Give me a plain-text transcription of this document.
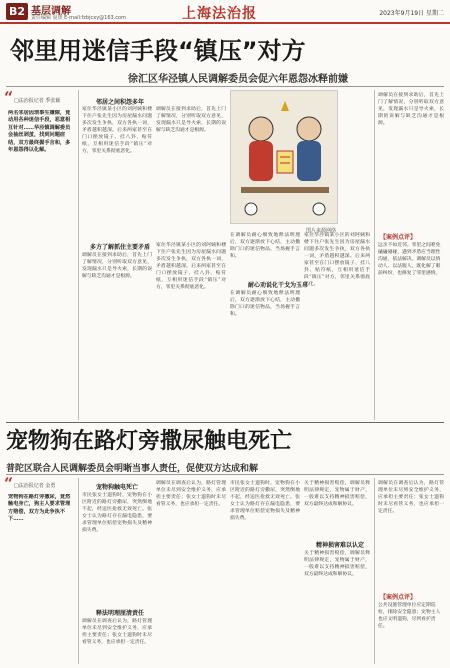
B2 基层调解
责任编辑 夏琰 E-mail:fzbjcxy@163.com	上海法治报	2023年9月19日 星期二
邻里用迷信手段“镇压”对方
徐汇区华泾镇人民调解委员会促六年恩怨冰释前嫌
“ □法治报记者 季张颖
两名邻居因琐事生嫌隙，竟动用各种迷信手段，恶意相互针对……华泾镇调解委员会抽丝剥茧，找到问题症结，双方最终握手言和，多年恩怨得以化解。
邻居之间积怨多年
家住华泾镇某小区的刘阿姨和楼下住户张先生因为房屋漏水问题多次发生争执，双方各执一词，矛盾越积越深。后来两家甚至在门口摆放镜子、挂八卦、贴符纸，互相用迷信手段“镇压”对方，邻里关系彻底恶化。
调解员在接到求助后，首先上门了解情况，分别听取双方意见，发现漏水只是导火索，长期的误解与缺乏沟通才是根源。
图片来源网络
多方了解抓住主要矛盾
调解员在接到求助后，首先上门了解情况，分别听取双方意见，发现漏水只是导火索，长期的误解与缺乏沟通才是根源。
家住华泾镇某小区的刘阿姨和楼下住户张先生因为房屋漏水问题多次发生争执，双方各执一词，矛盾越积越深。后来两家甚至在门口摆放镜子、挂八卦、贴符纸，互相用迷信手段“镇压”对方，邻里关系彻底恶化。	耐心劝说化干戈为玉帛
在调解员耐心细致地释法明理后，双方逐渐放下心结，主动撤除门口的迷信物品，当场握手言和。
在调解员耐心细致地释法明理后，双方逐渐放下心结，主动撤除门口的迷信物品，当场握手言和。
家住华泾镇某小区的刘阿姨和楼下住户张先生因为房屋漏水问题多次发生争执，双方各执一词，矛盾越积越深。后来两家甚至在门口摆放镜子、挂八卦、贴符纸，互相用迷信手段“镇压”对方，邻里关系彻底恶化。
调解员在接到求助后，首先上门了解情况，分别听取双方意见，发现漏水只是导火索，长期的误解与缺乏沟通才是根源。
【案例点评】
远亲不如近邻。邻里之间难免磕磕碰碰，遇到矛盾应当理性沟通，依法解决。调解员以情动人、以法服人，既化解了眼前纠纷，也修复了邻里感情。
宠物狗在路灯旁撒尿触电死亡
普陀区联合人民调解委员会明晰当事人责任，促使双方达成和解
“ □法治报记者 金勇
宠物狗在路灯旁撒尿，竟然触电身亡，狗主人要求管理方赔偿，双方为此争执不下……
宠物狗触电死亡
市民张女士遛狗时，宠物狗在小区附近的路灯旁撒尿，突然倒地不起，经送医抢救无效死亡。张女士认为路灯存在漏电隐患，要求管理单位赔偿宠物损失及精神损失费。
释法明理厘清责任
调解员在调查后认为，路灯管理单位未尽到安全维护义务，应承担主要责任；张女士遛狗时未尽看管义务，也应承担一定责任。
调解员在调查后认为，路灯管理单位未尽到安全维护义务，应承担主要责任；张女士遛狗时未尽看管义务，也应承担一定责任。
市民张女士遛狗时，宠物狗在小区附近的路灯旁撒尿，突然倒地不起，经送医抢救无效死亡。张女士认为路灯存在漏电隐患，要求管理单位赔偿宠物损失及精神损失费。
关于精神损害赔偿，调解员释明法律规定，宠物属于财产，一般难以支持精神损害赔偿，双方最终达成和解协议。
精神损害难以认定
关于精神损害赔偿，调解员释明法律规定，宠物属于财产，一般难以支持精神损害赔偿，双方最终达成和解协议。
调解员在调查后认为，路灯管理单位未尽到安全维护义务，应承担主要责任；张女士遛狗时未尽看管义务，也应承担一定责任。
【案例点评】
公共设施管理单位应定期巡检，排除安全隐患；宠物主人也应文明遛狗，尽到看护责任。
